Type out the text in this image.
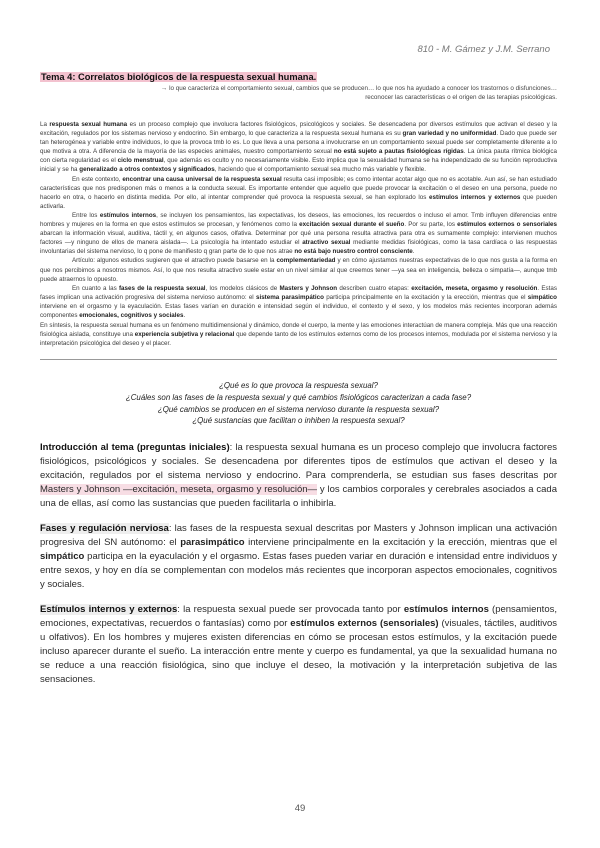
810 - M. Gámez y J.M. Serrano
Tema 4: Correlatos biológicos de la respuesta sexual humana.
→ lo que caracteriza el comportamiento sexual, cambios que se producen… lo que nos ha ayudado a conocer los trastornos o disfunciones…
reconocer las características o el origen de las terapias psicológicas.

La respuesta sexual humana es un proceso complejo que involucra factores fisiológicos, psicológicos y sociales. Se desencadena por diversos estímulos que activan el deseo y la excitación, regulados por los sistemas nervioso y endocrino. Sin embargo, lo que caracteriza a la respuesta sexual humana es su gran variedad y no uniformidad. Dado que puede ser tan heterogénea y variable entre individuos, lo que la provoca tmb lo es. Lo que lleva a una persona a involucrarse en un comportamiento sexual puede ser completamente diferente a lo que motiva a otra. A diferencia de la mayoría de las especies animales, nuestro comportamiento sexual no está sujeto a pautas fisiológicas rígidas. La única pauta rítmica biológica con cierta regularidad es el ciclo menstrual, que además es oculto y no necesariamente visible. Esto implica que la sexualidad humana se ha independizado de su función reproductiva inicial y se ha generalizado a otros contextos y significados, haciendo que el comportamiento sexual sea mucho más variable y flexible.

En este contexto, encontrar una causa universal de la respuesta sexual resulta casi imposible; es como intentar acotar algo que no es acotable. Aun así, se han estudiado características que nos predisponen más o menos a la conducta sexual. Es importante entender que aquello que puede provocar la excitación o el deseo en una persona, puede no hacerlo en otra, o hacerlo en distinta medida. Por ello, al intentar comprender qué provoca la respuesta sexual, se han explorado los estímulos internos y externos que pueden activarla.

Entre los estímulos internos, se incluyen los pensamientos, las expectativas, los deseos, las emociones, los recuerdos o incluso el amor. Tmb influyen diferencias entre hombres y mujeres en la forma en que estos estímulos se procesan, y fenómenos como la excitación sexual durante el sueño. Por su parte, los estímulos externos o sensoriales abarcan la información visual, auditiva, táctil y, en algunos casos, olfativa. Determinar por qué una persona resulta atractiva para otra es sumamente complejo: intervienen muchos factores —y ninguno de ellos de manera aislada—. La psicología ha intentado estudiar el atractivo sexual mediante medidas fisiológicas, como la tasa cardíaca o las respuestas involuntarias del sistema nervioso, lo q pone de manifiesto q gran parte de lo que nos atrae no está bajo nuestro control consciente.

Artículo: algunos estudios sugieren que el atractivo puede basarse en la complementariedad y en cómo ajustamos nuestras expectativas de lo que nos gusta a la forma en que nos percibimos a nosotros mismos. Así, lo que nos resulta atractivo suele estar en un nivel similar al que creemos tener —ya sea en inteligencia, belleza o simpatía—, aunque tmb puede atraernos lo opuesto.

En cuanto a las fases de la respuesta sexual, los modelos clásicos de Masters y Johnson describen cuatro etapas: excitación, meseta, orgasmo y resolución. Estas fases implican una activación progresiva del sistema nervioso autónomo: el sistema parasimpático participa principalmente en la excitación y la erección, mientras que el simpático interviene en el orgasmo y la eyaculación. Estas fases varían en duración e intensidad según el individuo, el contexto y el sexo, y los modelos más recientes incorporan además componentes emocionales, cognitivos y sociales.

En síntesis, la respuesta sexual humana es un fenómeno multidimensional y dinámico, donde el cuerpo, la mente y las emociones interactúan de manera compleja. Más que una reacción fisiológica aislada, constituye una experiencia subjetiva y relacional que depende tanto de los estímulos externos como de los procesos internos, modulada por el sistema nervioso y la interpretación psicológica del deseo y el placer.

¿Qué es lo que provoca la respuesta sexual?
¿Cuáles son las fases de la respuesta sexual y qué cambios fisiológicos caracterizan a cada fase?
¿Qué cambios se producen en el sistema nervioso durante la respuesta sexual?
¿Qué sustancias que facilitan o inhiben la respuesta sexual?

Introducción al tema (preguntas iniciales): la respuesta sexual humana es un proceso complejo que involucra factores fisiológicos, psicológicos y sociales. Se desencadena por diferentes tipos de estímulos que activan el deseo y la excitación, regulados por el sistema nervioso y endocrino. Para comprenderla, se estudian sus fases descritas por Masters y Johnson —excitación, meseta, orgasmo y resolución— y los cambios corporales y cerebrales asociados a cada una de ellas, así como las sustancias que pueden facilitarla o inhibirla.

Fases y regulación nerviosa: las fases de la respuesta sexual descritas por Masters y Johnson implican una activación progresiva del SN autónomo: el parasimpático interviene principalmente en la excitación y la erección, mientras que el simpático participa en la eyaculación y el orgasmo. Estas fases pueden variar en duración e intensidad entre individuos y entre sexos, y hoy en día se complementan con modelos más recientes que incorporan aspectos emocionales, cognitivos y sociales.

Estímulos internos y externos: la respuesta sexual puede ser provocada tanto por estímulos internos (pensamientos, emociones, expectativas, recuerdos o fantasías) como por estímulos externos (sensoriales) (visuales, táctiles, auditivos u olfativos). En los hombres y mujeres existen diferencias en cómo se procesan estos estímulos, y la excitación puede incluso aparecer durante el sueño. La interacción entre mente y cuerpo es fundamental, ya que la sexualidad humana no se reduce a una reacción fisiológica, sino que incluye el deseo, la motivación y la interpretación subjetiva de las sensaciones.

49
